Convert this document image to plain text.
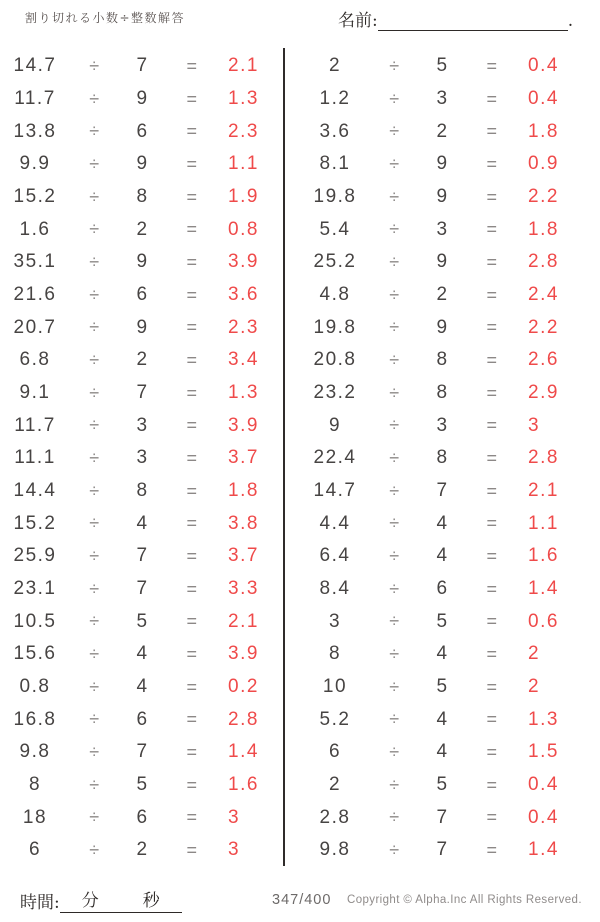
割り切れる小数÷整数解答	名前:	.
14.7	÷	7	=	2.1
11.7	÷	9	=	1.3
13.8	÷	6	=	2.3
9.9	÷	9	=	1.1
15.2	÷	8	=	1.9
1.6	÷	2	=	0.8
35.1	÷	9	=	3.9
21.6	÷	6	=	3.6
20.7	÷	9	=	2.3
6.8	÷	2	=	3.4
9.1	÷	7	=	1.3
11.7	÷	3	=	3.9
11.1	÷	3	=	3.7
14.4	÷	8	=	1.8
15.2	÷	4	=	3.8
25.9	÷	7	=	3.7
23.1	÷	7	=	3.3
10.5	÷	5	=	2.1
15.6	÷	4	=	3.9
0.8	÷	4	=	0.2
16.8	÷	6	=	2.8
9.8	÷	7	=	1.4
8	÷	5	=	1.6
18	÷	6	=	3
6	÷	2	=	3
2	÷	5	=	0.4
1.2	÷	3	=	0.4
3.6	÷	2	=	1.8
8.1	÷	9	=	0.9
19.8	÷	9	=	2.2
5.4	÷	3	=	1.8
25.2	÷	9	=	2.8
4.8	÷	2	=	2.4
19.8	÷	9	=	2.2
20.8	÷	8	=	2.6
23.2	÷	8	=	2.9
9	÷	3	=	3
22.4	÷	8	=	2.8
14.7	÷	7	=	2.1
4.4	÷	4	=	1.1
6.4	÷	4	=	1.6
8.4	÷	6	=	1.4
3	÷	5	=	0.6
8	÷	4	=	2
10	÷	5	=	2
5.2	÷	4	=	1.3
6	÷	4	=	1.5
2	÷	5	=	0.4
2.8	÷	7	=	0.4
9.8	÷	7	=	1.4
時間: 分	秒	347/400 Copyright © Alpha.Inc All Rights Reserved.
